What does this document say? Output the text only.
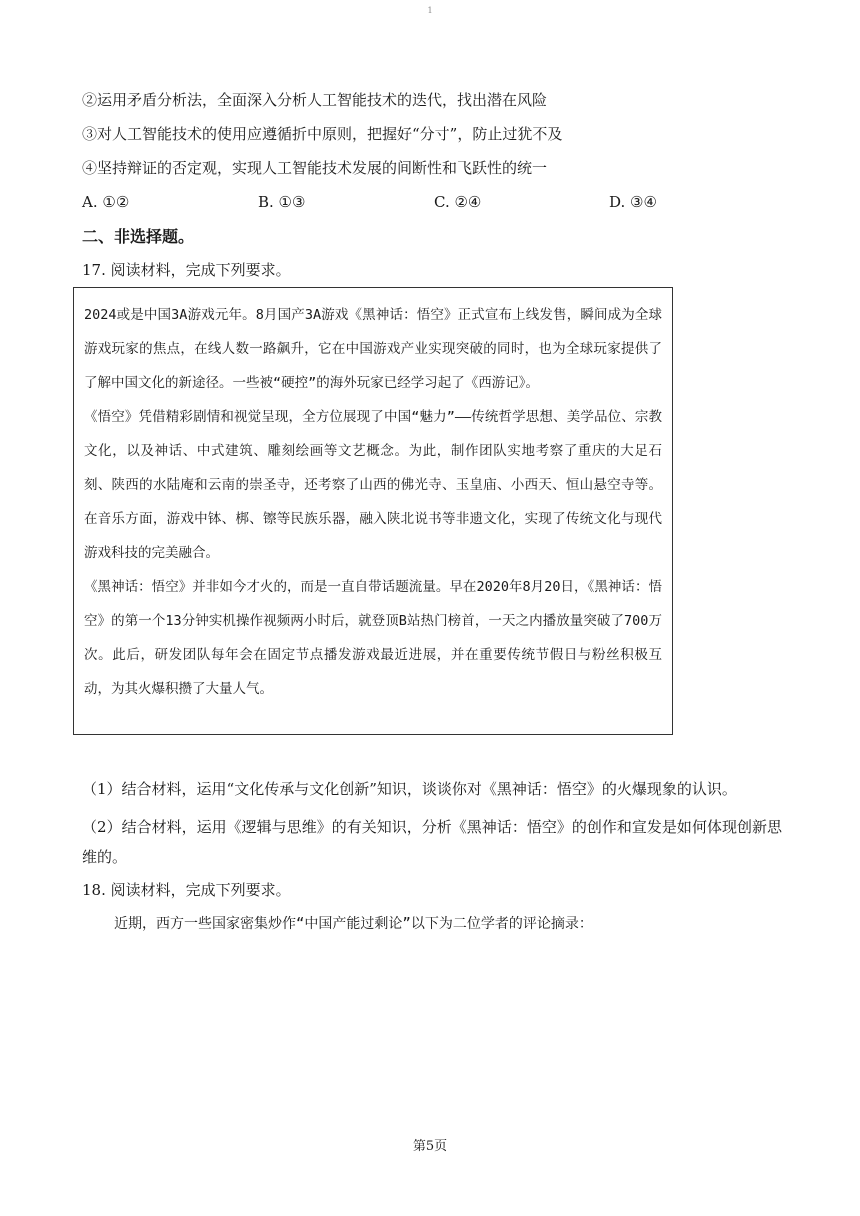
1
②运用矛盾分析法，全面深入分析人工智能技术的迭代，找出潜在风险
③对人工智能技术的使用应遵循折中原则，把握好“分寸”，防止过犹不及
④坚持辩证的否定观，实现人工智能技术发展的间断性和飞跃性的统一
A. ①②	B. ①③	C. ②④	D. ③④
二、非选择题。
17. 阅读材料，完成下列要求。

2024或是中国3A游戏元年。8月国产3A游戏《黑神话：悟空》正式宣布上线发售，瞬间成为全球游戏玩家的焦点，在线人数一路飙升，它在中国游戏产业实现突破的同时，也为全球玩家提供了了解中国文化的新途径。一些被“硬控”的海外玩家已经学习起了《西游记》。

《悟空》凭借精彩剧情和视觉呈现，全方位展现了中国“魅力”——传统哲学思想、美学品位、宗教文化，以及神话、中式建筑、雕刻绘画等文艺概念。为此，制作团队实地考察了重庆的大足石刻、陕西的水陆庵和云南的崇圣寺，还考察了山西的佛光寺、玉皇庙、小西天、恒山悬空寺等。在音乐方面，游戏中钵、梆、镲等民族乐器，融入陕北说书等非遗文化，实现了传统文化与现代游戏科技的完美融合。

《黑神话：悟空》并非如今才火的，而是一直自带话题流量。早在2020年8月20日，《黑神话：悟空》的第一个13分钟实机操作视频两小时后，就登顶B站热门榜首，一天之内播放量突破了700万次。此后，研发团队每年会在固定节点播发游戏最近进展，并在重要传统节假日与粉丝积极互动，为其火爆积攒了大量人气。

（1）结合材料，运用“文化传承与文化创新”知识，谈谈你对《黑神话：悟空》的火爆现象的认识。
（2）结合材料，运用《逻辑与思维》的有关知识，分析《黑神话：悟空》的创作和宣发是如何体现创新思维的。
18. 阅读材料，完成下列要求。
近期，西方一些国家密集炒作“中国产能过剩论”以下为二位学者的评论摘录：
第5页
